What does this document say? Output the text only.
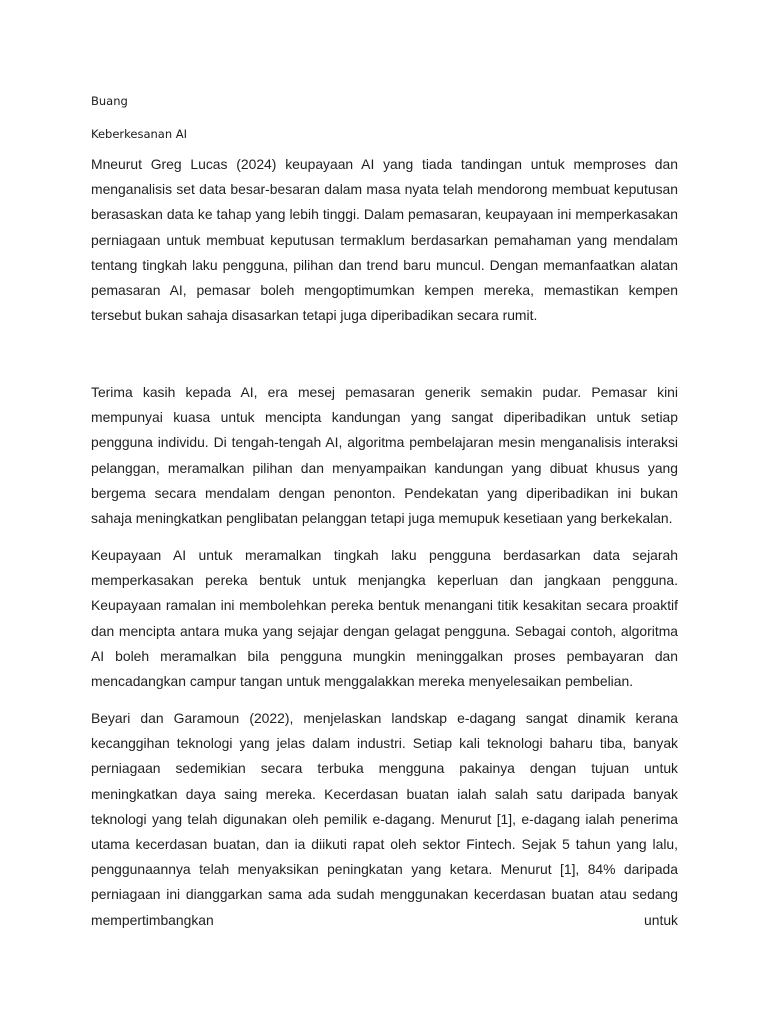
Buang
Keberkesanan AI

Mneurut Greg Lucas (2024) keupayaan AI yang tiada tandingan untuk memproses dan menganalisis set data besar-besaran dalam masa nyata telah mendorong membuat keputusan berasaskan data ke tahap yang lebih tinggi. Dalam pemasaran, keupayaan ini memperkasakan perniagaan untuk membuat keputusan termaklum berdasarkan pemahaman yang mendalam tentang tingkah laku pengguna, pilihan dan trend baru muncul. Dengan memanfaatkan alatan pemasaran AI, pemasar boleh mengoptimumkan kempen mereka, memastikan kempen tersebut bukan sahaja disasarkan tetapi juga diperibadikan secara rumit.

Terima kasih kepada AI, era mesej pemasaran generik semakin pudar. Pemasar kini mempunyai kuasa untuk mencipta kandungan yang sangat diperibadikan untuk setiap pengguna individu. Di tengah-tengah AI, algoritma pembelajaran mesin menganalisis interaksi pelanggan, meramalkan pilihan dan menyampaikan kandungan yang dibuat khusus yang bergema secara mendalam dengan penonton. Pendekatan yang diperibadikan ini bukan sahaja meningkatkan penglibatan pelanggan tetapi juga memupuk kesetiaan yang berkekalan.

Keupayaan AI untuk meramalkan tingkah laku pengguna berdasarkan data sejarah memperkasakan pereka bentuk untuk menjangka keperluan dan jangkaan pengguna. Keupayaan ramalan ini membolehkan pereka bentuk menangani titik kesakitan secara proaktif dan mencipta antara muka yang sejajar dengan gelagat pengguna. Sebagai contoh, algoritma AI boleh meramalkan bila pengguna mungkin meninggalkan proses pembayaran dan mencadangkan campur tangan untuk menggalakkan mereka menyelesaikan pembelian.

Beyari dan Garamoun (2022), menjelaskan landskap e-dagang sangat dinamik kerana kecanggihan teknologi yang jelas dalam industri. Setiap kali teknologi baharu tiba, banyak perniagaan sedemikian secara terbuka mengguna pakainya dengan tujuan untuk meningkatkan daya saing mereka. Kecerdasan buatan ialah salah satu daripada banyak teknologi yang telah digunakan oleh pemilik e-dagang. Menurut [1], e-dagang ialah penerima utama kecerdasan buatan, dan ia diikuti rapat oleh sektor Fintech. Sejak 5 tahun yang lalu, penggunaannya telah menyaksikan peningkatan yang ketara. Menurut [1], 84% daripada perniagaan ini dianggarkan sama ada sudah menggunakan kecerdasan buatan atau sedang mempertimbangkan untuk
